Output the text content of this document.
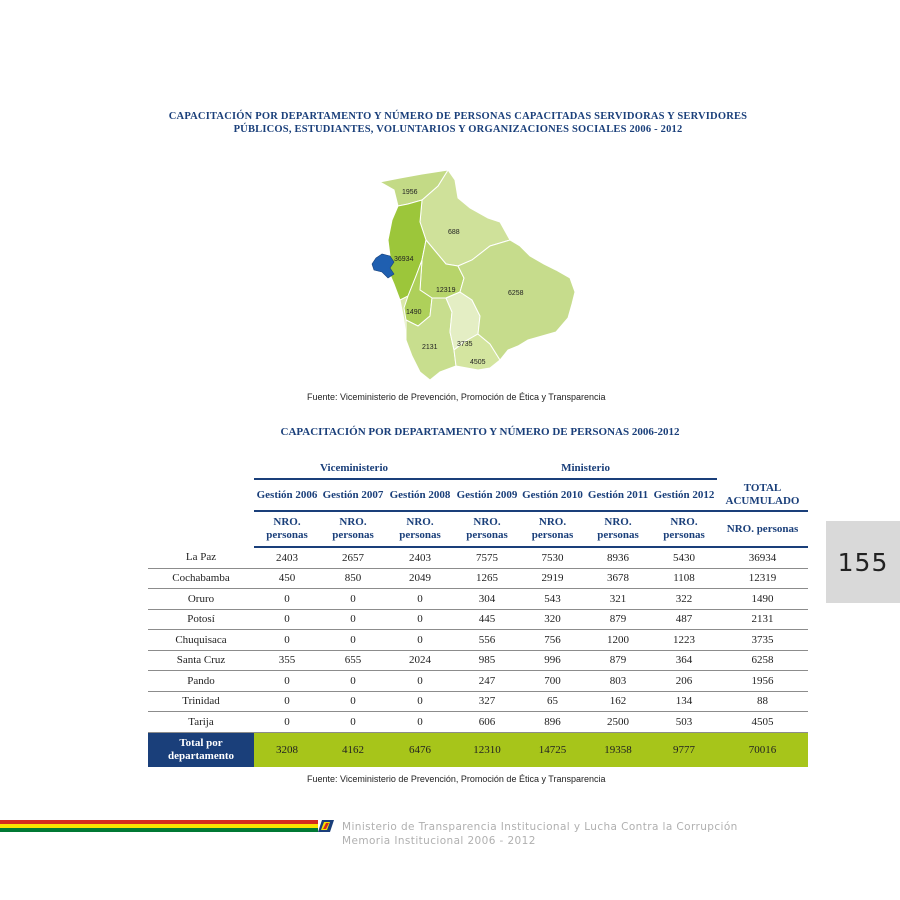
CAPACITACIÓN POR DEPARTAMENTO Y NÚMERO DE PERSONAS CAPACITADAS SERVIDORAS Y SERVIDORES PÚBLICOS, ESTUDIANTES, VOLUNTARIOS Y ORGANIZACIONES SOCIALES 2006 - 2012
1956
688
36934
12319	6258
1490
2131	3735
4505
Fuente: Viceministerio de Prevención, Promoción de Ética y Transparencia
CAPACITACIÓN POR DEPARTAMENTO Y NÚMERO DE PERSONAS 2006-2012
	Viceministerio			Ministerio				
	Gestión 2006	Gestión 2007	Gestión 2008	Gestión 2009	Gestión 2010	Gestión 2011	Gestión 2012	TOTAL ACUMULADO
	NRO. personas	NRO. personas	NRO. personas	NRO. personas	NRO. personas	NRO. personas	NRO. personas	NRO. personas
La Paz	2403	2657	2403	7575	7530	8936	5430	36934
Cochabamba	450	850	2049	1265	2919	3678	1108	12319
Oruro	0	0	0	304	543	321	322	1490
Potosí	0	0	0	445	320	879	487	2131
Chuquisaca	0	0	0	556	756	1200	1223	3735
Santa Cruz	355	655	2024	985	996	879	364	6258
Pando	0	0	0	247	700	803	206	1956
Trinidad	0	0	0	327	65	162	134	88
Tarija	0	0	0	606	896	2500	503	4505
Total por departamento	3208	4162	6476	12310	14725	19358	9777	70016
Fuente: Viceministerio de Prevención, Promoción de Ética y Transparencia
155
Ministerio de Transparencia Institucional y Lucha Contra la Corrupción
Memoria Institucional 2006 - 2012
